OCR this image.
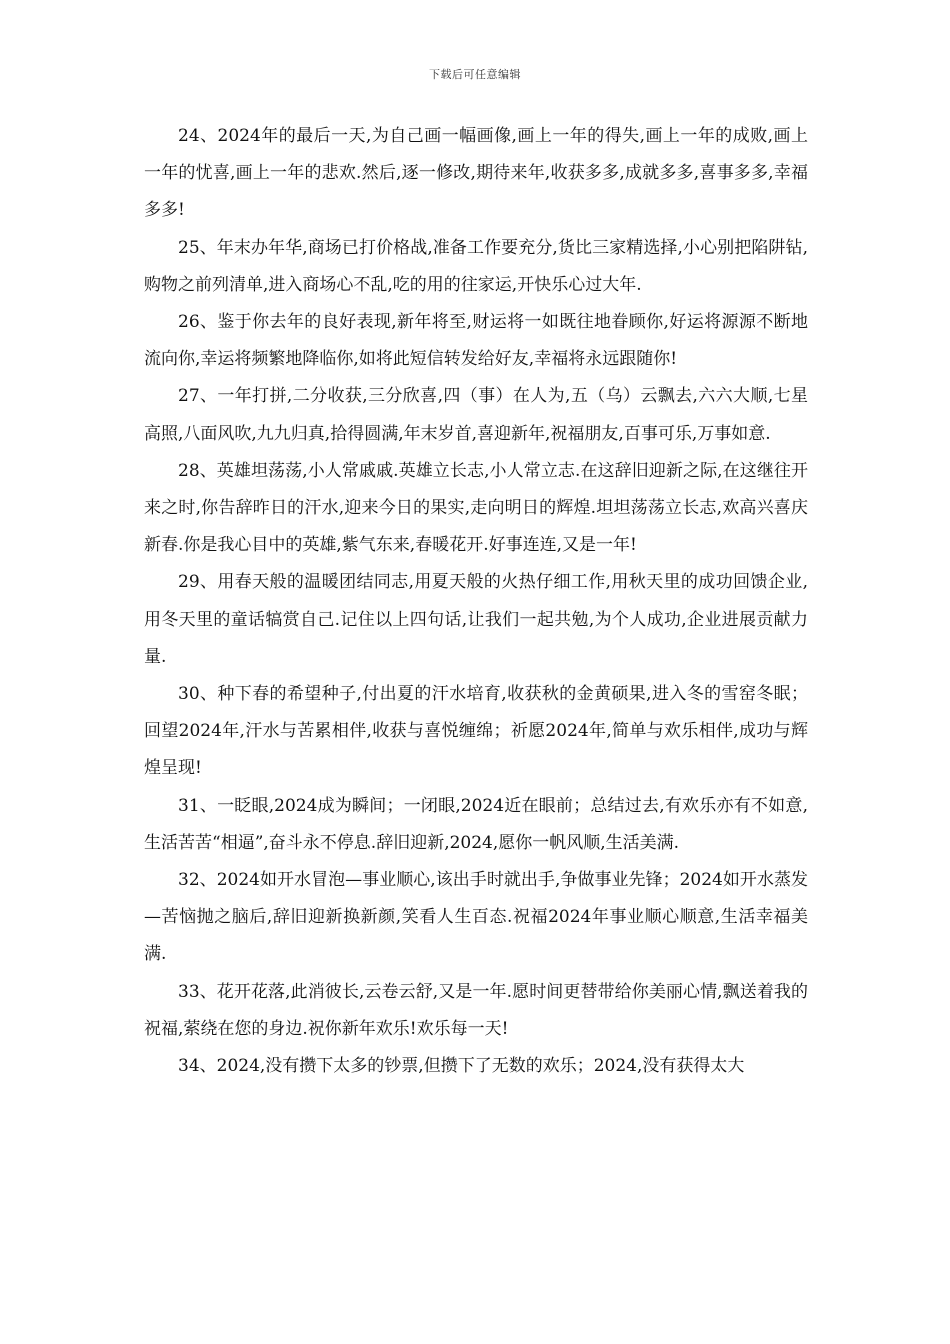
下载后可任意编辑

24、2024年的最后一天,为自己画一幅画像,画上一年的得失,画上一年的成败,画上一年的忧喜,画上一年的悲欢.然后,逐一修改,期待来年,收获多多,成就多多,喜事多多,幸福多多!

25、年末办年华,商场已打价格战,准备工作要充分,货比三家精选择,小心别把陷阱钻,购物之前列清单,进入商场心不乱,吃的用的往家运,开快乐心过大年.

26、鉴于你去年的良好表现,新年将至,财运将一如既往地眷顾你,好运将源源不断地流向你,幸运将频繁地降临你,如将此短信转发给好友,幸福将永远跟随你!

27、一年打拼,二分收获,三分欣喜,四（事）在人为,五（乌）云飘去,六六大顺,七星高照,八面风吹,九九归真,拾得圆满,年末岁首,喜迎新年,祝福朋友,百事可乐,万事如意.

28、英雄坦荡荡,小人常戚戚.英雄立长志,小人常立志.在这辞旧迎新之际,在这继往开来之时,你告辞昨日的汗水,迎来今日的果实,走向明日的辉煌.坦坦荡荡立长志,欢高兴喜庆新春.你是我心目中的英雄,紫气东来,春暖花开.好事连连,又是一年!

29、用春天般的温暖团结同志,用夏天般的火热仔细工作,用秋天里的成功回馈企业,用冬天里的童话犒赏自己.记住以上四句话,让我们一起共勉,为个人成功,企业进展贡献力量.

30、种下春的希望种子,付出夏的汗水培育,收获秋的金黄硕果,进入冬的雪窑冬眠；回望2024年,汗水与苦累相伴,收获与喜悦缠绵；祈愿2024年,简单与欢乐相伴,成功与辉煌呈现!

31、一眨眼,2024成为瞬间；一闭眼,2024近在眼前；总结过去,有欢乐亦有不如意,生活苦苦“相逼”,奋斗永不停息.辞旧迎新,2024,愿你一帆风顺,生活美满.

32、2024如开水冒泡—事业顺心,该出手时就出手,争做事业先锋；2024如开水蒸发—苦恼抛之脑后,辞旧迎新换新颜,笑看人生百态.祝福2024年事业顺心顺意,生活幸福美满.

33、花开花落,此消彼长,云卷云舒,又是一年.愿时间更替带给你美丽心情,飘送着我的祝福,萦绕在您的身边.祝你新年欢乐!欢乐每一天!

34、2024,没有攒下太多的钞票,但攒下了无数的欢乐；2024,没有获得太大
